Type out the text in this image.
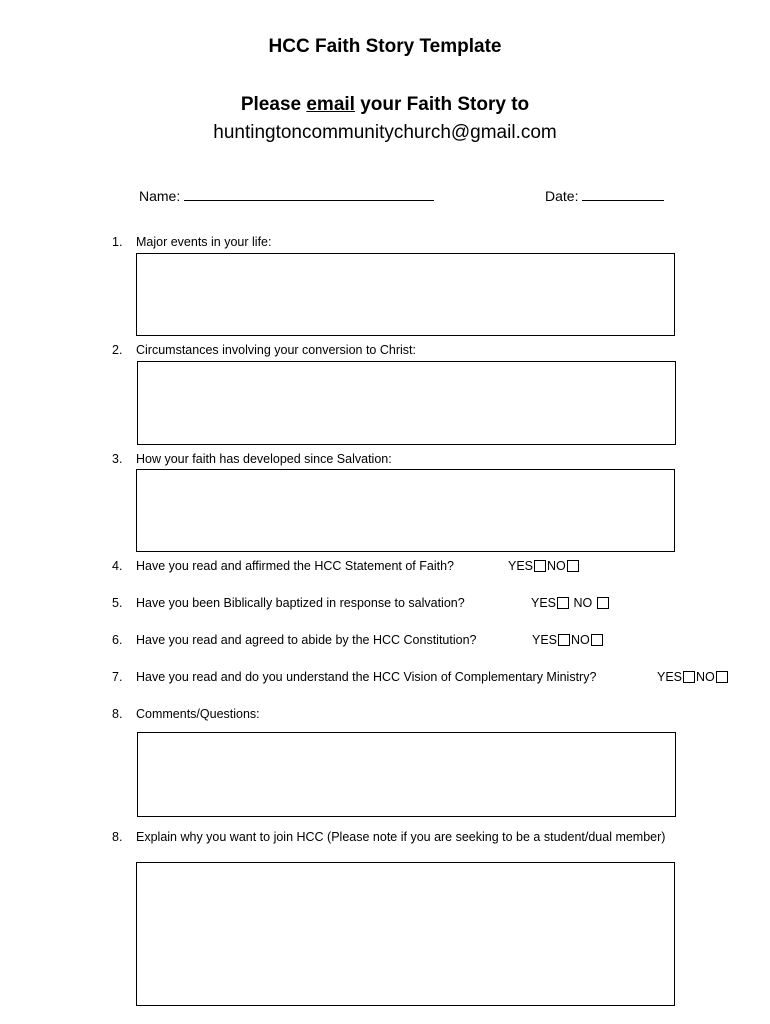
HCC Faith Story Template
Please email your Faith Story to
huntingtoncommunitychurch@gmail.com
Name:	Date:
1. Major events in your life:
2. Circumstances involving your conversion to Christ:
3. How your faith has developed since Salvation:
4. Have you read and affirmed the HCC Statement of Faith?	YES NO
5. Have you been Biblically baptized in response to salvation?	YES NO
6. Have you read and agreed to abide by the HCC Constitution?	YES NO
7. Have you read and do you understand the HCC Vision of Complementary Ministry?	YES NO
8. Comments/Questions:
8. Explain why you want to join HCC (Please note if you are seeking to be a student/dual member)
